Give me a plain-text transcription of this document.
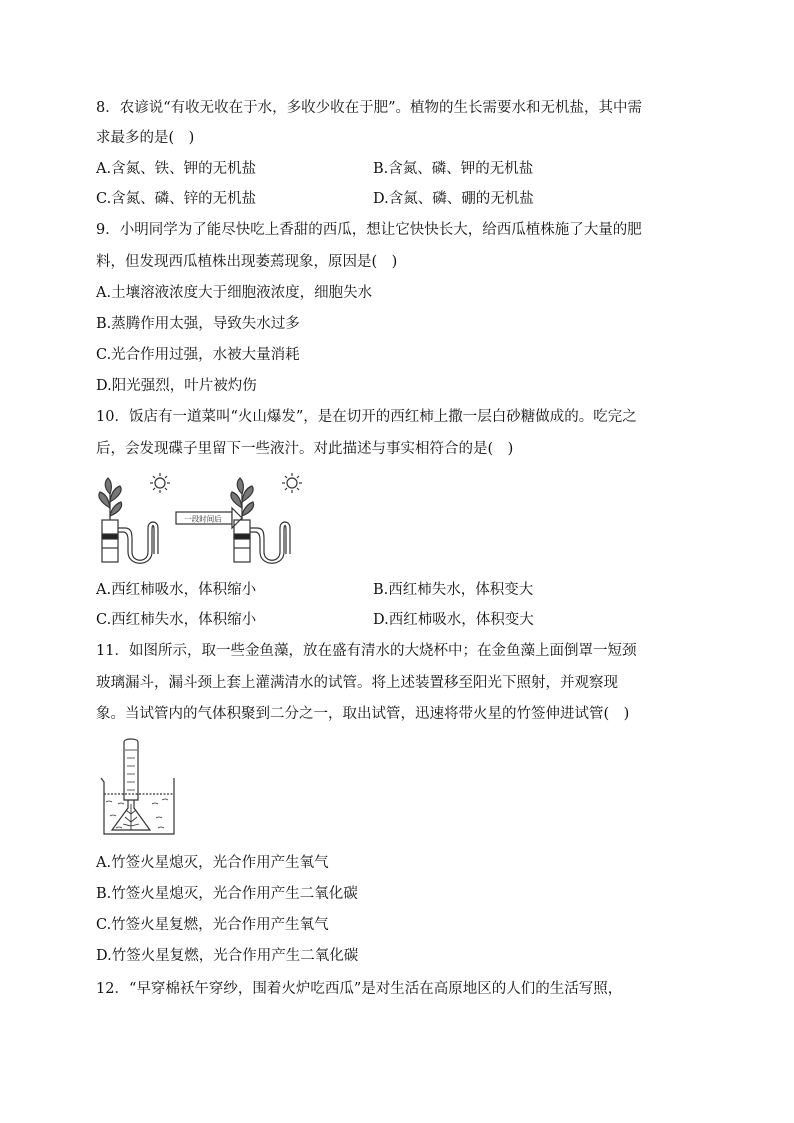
8．农谚说“有收无收在于水，多收少收在于肥”。植物的生长需要水和无机盐，其中需
求最多的是(　)
A.含氮、铁、钾的无机盐	B.含氮、磷、钾的无机盐
C.含氮、磷、锌的无机盐	D.含氮、磷、硼的无机盐
9．小明同学为了能尽快吃上香甜的西瓜，想让它快快长大，给西瓜植株施了大量的肥
料，但发现西瓜植株出现萎蔫现象，原因是(　)
A.土壤溶液浓度大于细胞液浓度，细胞失水
B.蒸腾作用太强，导致失水过多
C.光合作用过强，水被大量消耗
D.阳光强烈，叶片被灼伤
10．饭店有一道菜叫“火山爆发”，是在切开的西红柿上撒一层白砂糖做成的。吃完之
后，会发现碟子里留下一些液汁。对此描述与事实相符合的是(　)
一段时间后
A.西红柿吸水，体积缩小	B.西红柿失水，体积变大
C.西红柿失水，体积缩小	D.西红柿吸水，体积变大
11．如图所示，取一些金鱼藻，放在盛有清水的大烧杯中；在金鱼藻上面倒罩一短颈
玻璃漏斗，漏斗颈上套上灌满清水的试管。将上述装置移至阳光下照射，并观察现
象。当试管内的气体积聚到二分之一，取出试管，迅速将带火星的竹签伸进试管(　)
A.竹签火星熄灭，光合作用产生氧气
B.竹签火星熄灭，光合作用产生二氧化碳
C.竹签火星复燃，光合作用产生氧气
D.竹签火星复燃，光合作用产生二氧化碳
12．“早穿棉袄午穿纱，围着火炉吃西瓜”是对生活在高原地区的人们的生活写照，
